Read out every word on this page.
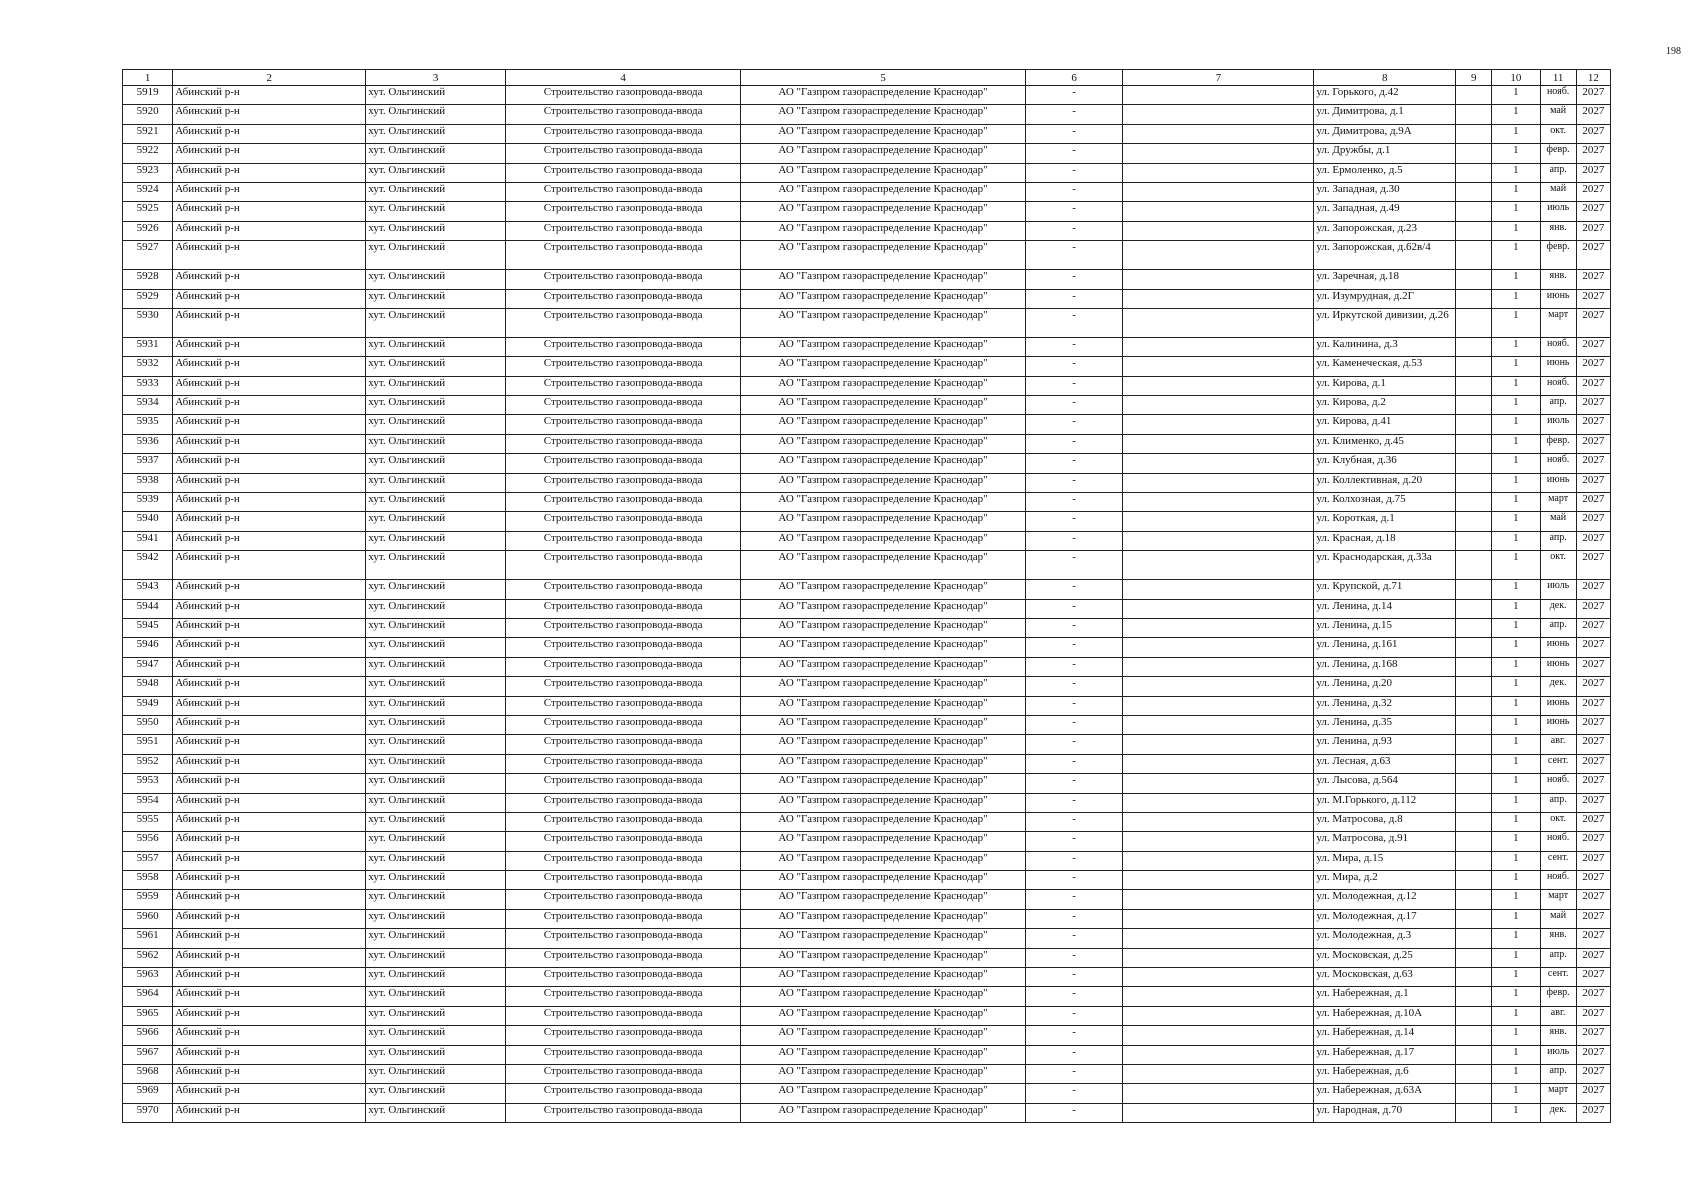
198
1	2	3	4	5	6	7	8	9	10	11	12
5919	Абинский р-н	хут. Ольгинский	Строительство газопровода-ввода	АО "Газпром газораспределение Краснодар"	-		ул. Горького, д.42		1	нояб.	2027
5920	Абинский р-н	хут. Ольгинский	Строительство газопровода-ввода	АО "Газпром газораспределение Краснодар"	-		ул. Димитрова, д.1		1	май	2027
5921	Абинский р-н	хут. Ольгинский	Строительство газопровода-ввода	АО "Газпром газораспределение Краснодар"	-		ул. Димитрова, д.9А		1	окт.	2027
5922	Абинский р-н	хут. Ольгинский	Строительство газопровода-ввода	АО "Газпром газораспределение Краснодар"	-		ул. Дружбы, д.1		1	февр.	2027
5923	Абинский р-н	хут. Ольгинский	Строительство газопровода-ввода	АО "Газпром газораспределение Краснодар"	-		ул. Ермоленко, д.5		1	апр.	2027
5924	Абинский р-н	хут. Ольгинский	Строительство газопровода-ввода	АО "Газпром газораспределение Краснодар"	-		ул. Западная, д.30		1	май	2027
5925	Абинский р-н	хут. Ольгинский	Строительство газопровода-ввода	АО "Газпром газораспределение Краснодар"	-		ул. Западная, д.49		1	июль	2027
5926	Абинский р-н	хут. Ольгинский	Строительство газопровода-ввода	АО "Газпром газораспределение Краснодар"	-		ул. Запорожская, д.23		1	янв.	2027
5927	Абинский р-н	хут. Ольгинский	Строительство газопровода-ввода	АО "Газпром газораспределение Краснодар"	-		ул. Запорожская, д.62в/4		1	февр.	2027
5928	Абинский р-н	хут. Ольгинский	Строительство газопровода-ввода	АО "Газпром газораспределение Краснодар"	-		ул. Заречная, д.18		1	янв.	2027
5929	Абинский р-н	хут. Ольгинский	Строительство газопровода-ввода	АО "Газпром газораспределение Краснодар"	-		ул. Изумрудная, д.2Г		1	июнь	2027
5930	Абинский р-н	хут. Ольгинский	Строительство газопровода-ввода	АО "Газпром газораспределение Краснодар"	-		ул. Иркутской дивизии, д.26		1	март	2027
5931	Абинский р-н	хут. Ольгинский	Строительство газопровода-ввода	АО "Газпром газораспределение Краснодар"	-		ул. Калинина, д.3		1	нояб.	2027
5932	Абинский р-н	хут. Ольгинский	Строительство газопровода-ввода	АО "Газпром газораспределение Краснодар"	-		ул. Каменеческая, д.53		1	июнь	2027
5933	Абинский р-н	хут. Ольгинский	Строительство газопровода-ввода	АО "Газпром газораспределение Краснодар"	-		ул. Кирова, д.1		1	нояб.	2027
5934	Абинский р-н	хут. Ольгинский	Строительство газопровода-ввода	АО "Газпром газораспределение Краснодар"	-		ул. Кирова, д.2		1	апр.	2027
5935	Абинский р-н	хут. Ольгинский	Строительство газопровода-ввода	АО "Газпром газораспределение Краснодар"	-		ул. Кирова, д.41		1	июль	2027
5936	Абинский р-н	хут. Ольгинский	Строительство газопровода-ввода	АО "Газпром газораспределение Краснодар"	-		ул. Клименко, д.45		1	февр.	2027
5937	Абинский р-н	хут. Ольгинский	Строительство газопровода-ввода	АО "Газпром газораспределение Краснодар"	-		ул. Клубная, д.36		1	нояб.	2027
5938	Абинский р-н	хут. Ольгинский	Строительство газопровода-ввода	АО "Газпром газораспределение Краснодар"	-		ул. Коллективная, д.20		1	июнь	2027
5939	Абинский р-н	хут. Ольгинский	Строительство газопровода-ввода	АО "Газпром газораспределение Краснодар"	-		ул. Колхозная, д.75		1	март	2027
5940	Абинский р-н	хут. Ольгинский	Строительство газопровода-ввода	АО "Газпром газораспределение Краснодар"	-		ул. Короткая, д.1		1	май	2027
5941	Абинский р-н	хут. Ольгинский	Строительство газопровода-ввода	АО "Газпром газораспределение Краснодар"	-		ул. Красная, д.18		1	апр.	2027
5942	Абинский р-н	хут. Ольгинский	Строительство газопровода-ввода	АО "Газпром газораспределение Краснодар"	-		ул. Краснодарская, д.33а		1	окт.	2027
5943	Абинский р-н	хут. Ольгинский	Строительство газопровода-ввода	АО "Газпром газораспределение Краснодар"	-		ул. Крупской, д.71		1	июль	2027
5944	Абинский р-н	хут. Ольгинский	Строительство газопровода-ввода	АО "Газпром газораспределение Краснодар"	-		ул. Ленина, д.14		1	дек.	2027
5945	Абинский р-н	хут. Ольгинский	Строительство газопровода-ввода	АО "Газпром газораспределение Краснодар"	-		ул. Ленина, д.15		1	апр.	2027
5946	Абинский р-н	хут. Ольгинский	Строительство газопровода-ввода	АО "Газпром газораспределение Краснодар"	-		ул. Ленина, д.161		1	июнь	2027
5947	Абинский р-н	хут. Ольгинский	Строительство газопровода-ввода	АО "Газпром газораспределение Краснодар"	-		ул. Ленина, д.168		1	июнь	2027
5948	Абинский р-н	хут. Ольгинский	Строительство газопровода-ввода	АО "Газпром газораспределение Краснодар"	-		ул. Ленина, д.20		1	дек.	2027
5949	Абинский р-н	хут. Ольгинский	Строительство газопровода-ввода	АО "Газпром газораспределение Краснодар"	-		ул. Ленина, д.32		1	июнь	2027
5950	Абинский р-н	хут. Ольгинский	Строительство газопровода-ввода	АО "Газпром газораспределение Краснодар"	-		ул. Ленина, д.35		1	июнь	2027
5951	Абинский р-н	хут. Ольгинский	Строительство газопровода-ввода	АО "Газпром газораспределение Краснодар"	-		ул. Ленина, д.93		1	авг.	2027
5952	Абинский р-н	хут. Ольгинский	Строительство газопровода-ввода	АО "Газпром газораспределение Краснодар"	-		ул. Лесная, д.63		1	сент.	2027
5953	Абинский р-н	хут. Ольгинский	Строительство газопровода-ввода	АО "Газпром газораспределение Краснодар"	-		ул. Лысова, д.564		1	нояб.	2027
5954	Абинский р-н	хут. Ольгинский	Строительство газопровода-ввода	АО "Газпром газораспределение Краснодар"	-		ул. М.Горького, д.112		1	апр.	2027
5955	Абинский р-н	хут. Ольгинский	Строительство газопровода-ввода	АО "Газпром газораспределение Краснодар"	-		ул. Матросова, д.8		1	окт.	2027
5956	Абинский р-н	хут. Ольгинский	Строительство газопровода-ввода	АО "Газпром газораспределение Краснодар"	-		ул. Матросова, д.91		1	нояб.	2027
5957	Абинский р-н	хут. Ольгинский	Строительство газопровода-ввода	АО "Газпром газораспределение Краснодар"	-		ул. Мира, д.15		1	сент.	2027
5958	Абинский р-н	хут. Ольгинский	Строительство газопровода-ввода	АО "Газпром газораспределение Краснодар"	-		ул. Мира, д.2		1	нояб.	2027
5959	Абинский р-н	хут. Ольгинский	Строительство газопровода-ввода	АО "Газпром газораспределение Краснодар"	-		ул. Молодежная, д.12		1	март	2027
5960	Абинский р-н	хут. Ольгинский	Строительство газопровода-ввода	АО "Газпром газораспределение Краснодар"	-		ул. Молодежная, д.17		1	май	2027
5961	Абинский р-н	хут. Ольгинский	Строительство газопровода-ввода	АО "Газпром газораспределение Краснодар"	-		ул. Молодежная, д.3		1	янв.	2027
5962	Абинский р-н	хут. Ольгинский	Строительство газопровода-ввода	АО "Газпром газораспределение Краснодар"	-		ул. Московская, д.25		1	апр.	2027
5963	Абинский р-н	хут. Ольгинский	Строительство газопровода-ввода	АО "Газпром газораспределение Краснодар"	-		ул. Московская, д.63		1	сент.	2027
5964	Абинский р-н	хут. Ольгинский	Строительство газопровода-ввода	АО "Газпром газораспределение Краснодар"	-		ул. Набережная, д.1		1	февр.	2027
5965	Абинский р-н	хут. Ольгинский	Строительство газопровода-ввода	АО "Газпром газораспределение Краснодар"	-		ул. Набережная, д.10А		1	авг.	2027
5966	Абинский р-н	хут. Ольгинский	Строительство газопровода-ввода	АО "Газпром газораспределение Краснодар"	-		ул. Набережная, д.14		1	янв.	2027
5967	Абинский р-н	хут. Ольгинский	Строительство газопровода-ввода	АО "Газпром газораспределение Краснодар"	-		ул. Набережная, д.17		1	июль	2027
5968	Абинский р-н	хут. Ольгинский	Строительство газопровода-ввода	АО "Газпром газораспределение Краснодар"	-		ул. Набережная, д.6		1	апр.	2027
5969	Абинский р-н	хут. Ольгинский	Строительство газопровода-ввода	АО "Газпром газораспределение Краснодар"	-		ул. Набережная, д.63А		1	март	2027
5970	Абинский р-н	хут. Ольгинский	Строительство газопровода-ввода	АО "Газпром газораспределение Краснодар"	-		ул. Народная, д.70		1	дек.	2027
